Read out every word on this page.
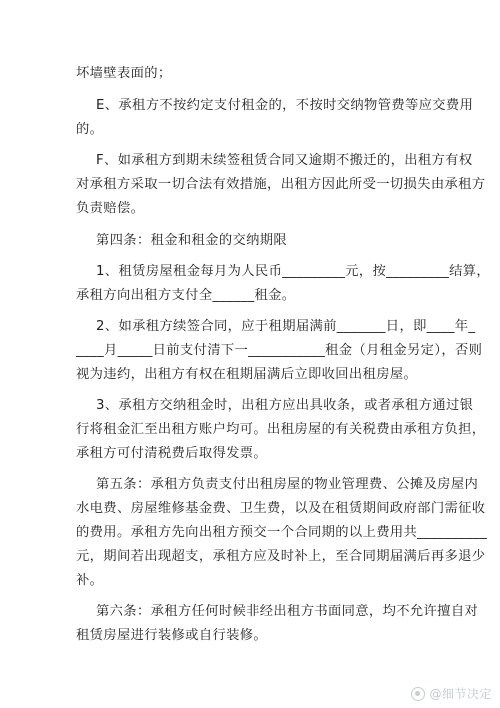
坏墙壁表面的；
E、承租方不按约定支付租金的，不按时交纳物管费等应交费用
的。
F、如承租方到期未续签租赁合同又逾期不搬迁的，出租方有权
对承租方采取一切合法有效措施，出租方因此所受一切损失由承租方
负责赔偿。
第四条：租金和租金的交纳期限
1、租赁房屋租金每月为人民币_________元，按_________结算，
承租方向出租方支付全______租金。
2、如承租方续签合同，应于租期届满前_______日，即____年_
____月_____日前支付清下一___________租金（月租金另定），否则
视为违约，出租方有权在租期届满后立即收回出租房屋。
3、承租方交纳租金时，出租方应出具收条，或者承租方通过银
行将租金汇至出租方账户均可。出租房屋的有关税费由承租方负担，
承租方可付清税费后取得发票。
第五条：承租方负责支付出租房屋的物业管理费、公摊及房屋内
水电费、房屋维修基金费、卫生费，以及在租赁期间政府部门需征收
的费用。承租方先向出租方预交一个合同期的以上费用共__________
元，期间若出现超支，承租方应及时补上，至合同期届满后再多退少
补。
第六条：承租方任何时候非经出租方书面同意，均不允许擅自对
租赁房屋进行装修或自行装修。
@细节决定
